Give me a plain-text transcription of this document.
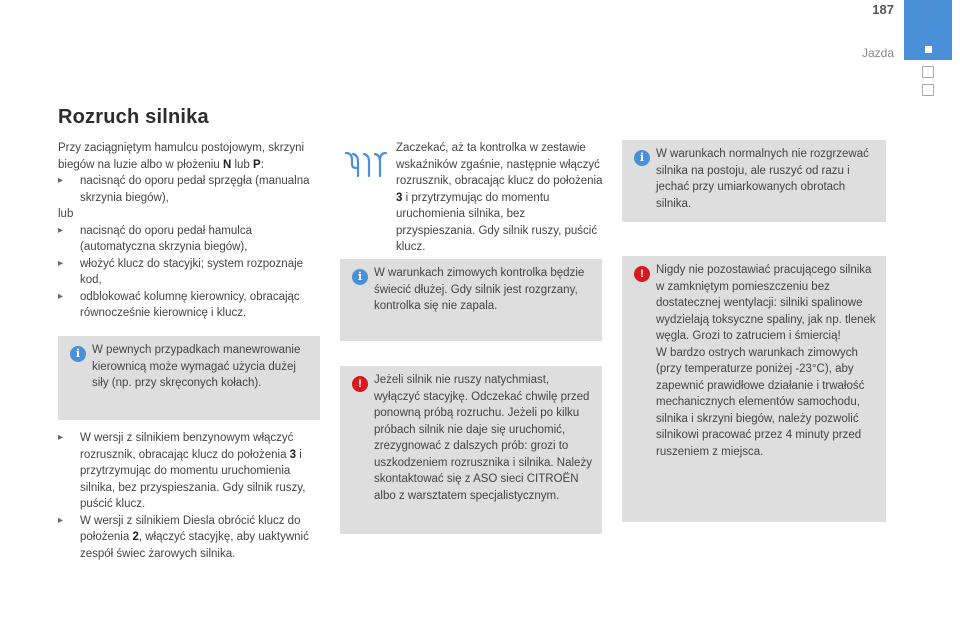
187
Jazda
Rozruch silnika

Przy zaciągniętym hamulcu postojowym, skrzyni biegów na luzie albo w płożeniu N lub P:

▸ nacisnąć do oporu pedał sprzęgła (manualna skrzynia biegów),

lub

▸ nacisnąć do oporu pedał hamulca (automatyczna skrzynia biegów),
▸ włożyć klucz do stacyjki; system rozpoznaje kod,
▸ odblokować kolumnę kierownicy, obracając równocześnie kierownicę i klucz.
i	W pewnych przypadkach manewrowanie kierownicą może wymagać użycia dużej siły (np. przy skręconych kołach).
▸ W wersji z silnikiem benzynowym włączyć rozrusznik, obracając klucz do położenia 3 i przytrzymując do momentu uruchomienia silnika, bez przyspieszania. Gdy silnik ruszy, puścić klucz.
▸ W wersji z silnikiem Diesla obrócić klucz do położenia 2, włączyć stacyjkę, aby uaktywnić zespół świec żarowych silnika.
Zaczekać, aż ta kontrolka w zestawie wskaźników zgaśnie, następnie włączyć rozrusznik, obracając klucz do położenia 3 i przytrzymując do momentu uruchomienia silnika, bez przyspieszania. Gdy silnik ruszy, puścić klucz.
i	W warunkach zimowych kontrolka będzie świecić dłużej. Gdy silnik jest rozgrzany, kontrolka się nie zapala.
!	Jeżeli silnik nie ruszy natychmiast, wyłączyć stacyjkę. Odczekać chwilę przed ponowną próbą rozruchu. Jeżeli po kilku próbach silnik nie daje się uruchomić, zrezygnować z dalszych prób: grozi to uszkodzeniem rozrusznika i silnika. Należy skontaktować się z ASO sieci CITROËN albo z warsztatem specjalistycznym.
i	W warunkach normalnych nie rozgrzewać silnika na postoju, ale ruszyć od razu i jechać przy umiarkowanych obrotach silnika.
!	Nigdy nie pozostawiać pracującego silnika w zamkniętym pomieszczeniu bez dostatecznej wentylacji: silniki spalinowe wydzielają toksyczne spaliny, jak np. tlenek węgla. Grozi to zatruciem i śmiercią!

W bardzo ostrych warunkach zimowych (przy temperaturze poniżej -23°C), aby zapewnić prawidłowe działanie i trwałość mechanicznych elementów samochodu, silnika i skrzyni biegów, należy pozwolić silnikowi pracować przez 4 minuty przed ruszeniem z miejsca.
